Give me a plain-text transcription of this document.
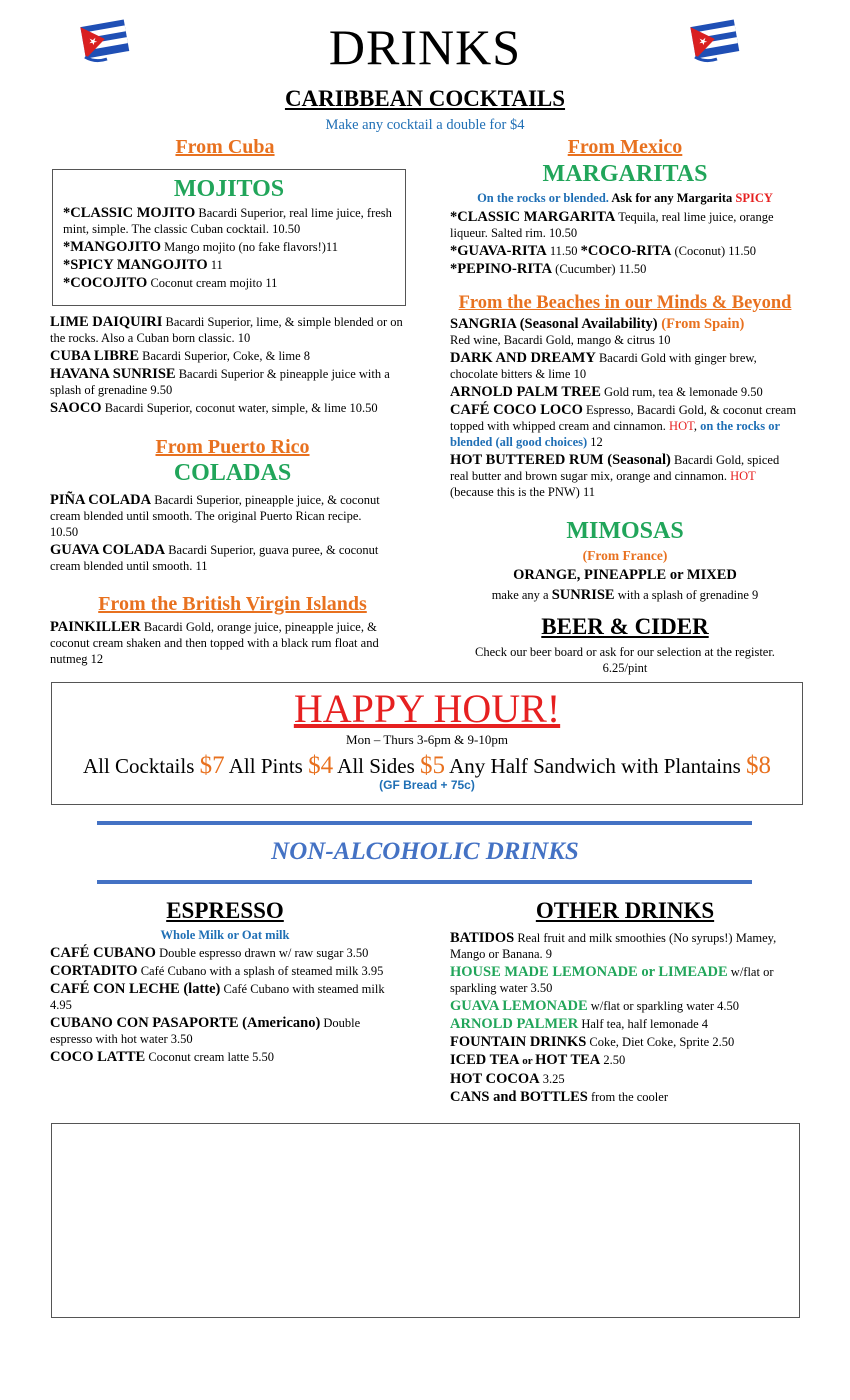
DRINKS
CARIBBEAN COCKTAILS
Make any cocktail a double for $4
From Cuba
MOJITOS
*CLASSIC MOJITO Bacardi Superior, real lime juice, fresh mint, simple. The classic Cuban cocktail. 10.50
*MANGOJITO Mango mojito (no fake flavors!)11
*SPICY MANGOJITO 11
*COCOJITO Coconut cream mojito 11
LIME DAIQUIRI Bacardi Superior, lime, & simple blended or on the rocks. Also a Cuban born classic. 10
CUBA LIBRE Bacardi Superior, Coke, & lime 8
HAVANA SUNRISE Bacardi Superior & pineapple juice with a splash of grenadine 9.50
SAOCO Bacardi Superior, coconut water, simple, & lime 10.50
From Puerto Rico
COLADAS
PIÑA COLADA Bacardi Superior, pineapple juice, & coconut cream blended until smooth. The original Puerto Rican recipe. 10.50
GUAVA COLADA Bacardi Superior, guava puree, & coconut cream blended until smooth. 11
From the British Virgin Islands
PAINKILLER Bacardi Gold, orange juice, pineapple juice, & coconut cream shaken and then topped with a black rum float and nutmeg 12
From Mexico
MARGARITAS
On the rocks or blended. Ask for any Margarita SPICY
*CLASSIC MARGARITA Tequila, real lime juice, orange liqueur. Salted rim. 10.50
*GUAVA-RITA 11.50 *COCO-RITA (Coconut) 11.50
*PEPINO-RITA (Cucumber) 11.50
From the Beaches in our Minds & Beyond
SANGRIA (Seasonal Availability) (From Spain)
Red wine, Bacardi Gold, mango & citrus 10
DARK AND DREAMY Bacardi Gold with ginger brew, chocolate bitters & lime 10
ARNOLD PALM TREE Gold rum, tea & lemonade 9.50
CAFÉ COCO LOCO Espresso, Bacardi Gold, & coconut cream topped with whipped cream and cinnamon. HOT, on the rocks or blended (all good choices) 12
HOT BUTTERED RUM (Seasonal) Bacardi Gold, spiced real butter and brown sugar mix, orange and cinnamon. HOT (because this is the PNW) 11
MIMOSAS
(From France)
ORANGE, PINEAPPLE or MIXED
make any a SUNRISE with a splash of grenadine 9
BEER & CIDER
Check our beer board or ask for our selection at the register.
6.25/pint
HAPPY HOUR!
Mon – Thurs 3-6pm & 9-10pm
All Cocktails $7 All Pints $4 All Sides $5 Any Half Sandwich with Plantains $8
(GF Bread + 75c)
NON-ALCOHOLIC DRINKS
ESPRESSO
Whole Milk or Oat milk
CAFÉ CUBANO Double espresso drawn w/ raw sugar 3.50
CORTADITO Café Cubano with a splash of steamed milk 3.95
CAFÉ CON LECHE (latte) Café Cubano with steamed milk 4.95
CUBANO CON PASAPORTE (Americano) Double espresso with hot water 3.50
COCO LATTE Coconut cream latte 5.50
OTHER DRINKS
BATIDOS Real fruit and milk smoothies (No syrups!) Mamey, Mango or Banana. 9
HOUSE MADE LEMONADE or LIMEADE w/flat or sparkling water 3.50
GUAVA LEMONADE w/flat or sparkling water 4.50
ARNOLD PALMER Half tea, half lemonade 4
FOUNTAIN DRINKS Coke, Diet Coke, Sprite 2.50
ICED TEA or HOT TEA 2.50
HOT COCOA 3.25
CANS and BOTTLES from the cooler
